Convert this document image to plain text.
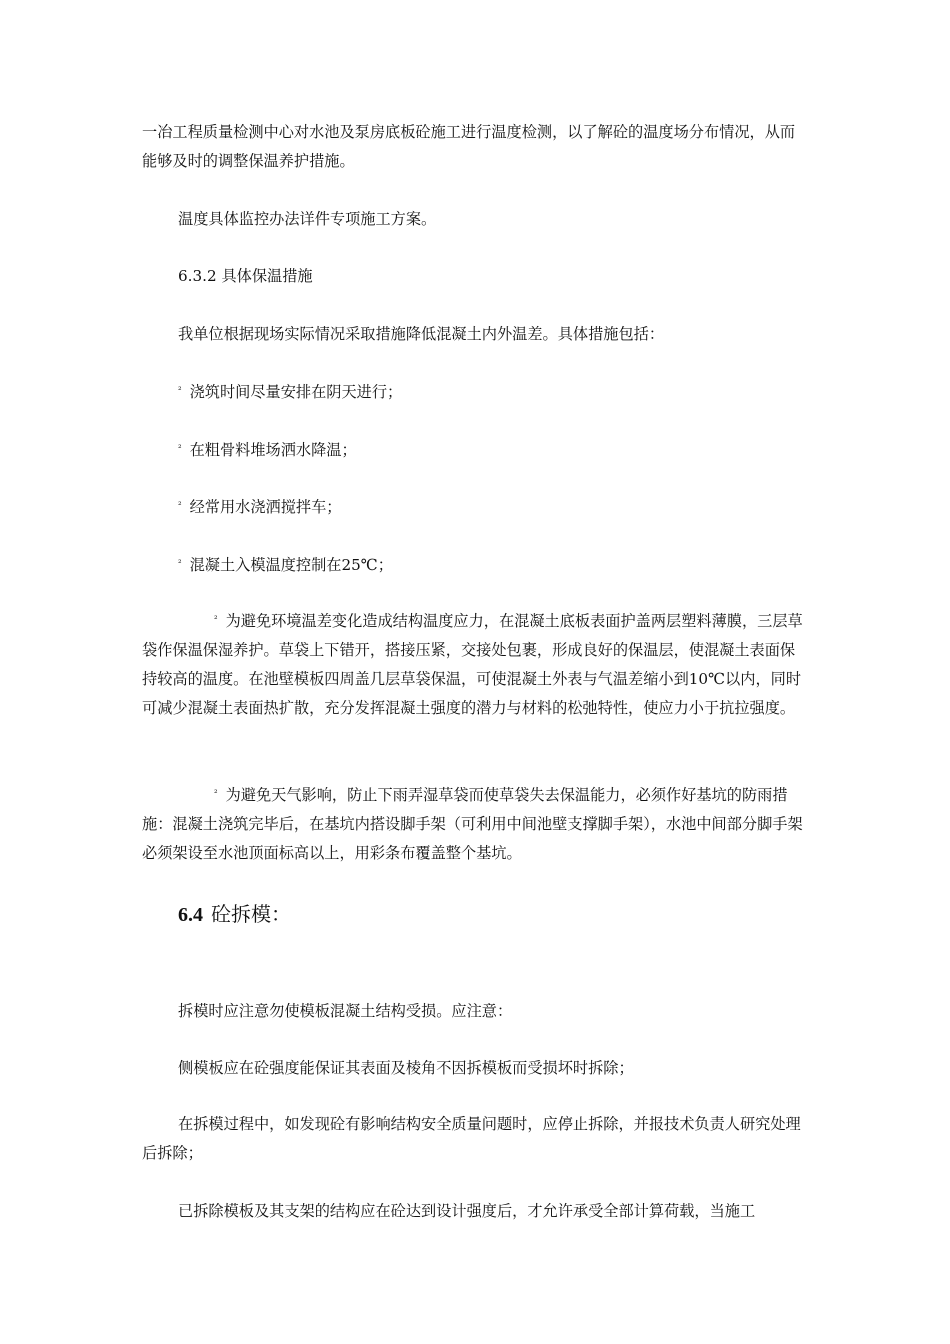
一冶工程质量检测中心对水池及泵房底板砼施工进行温度检测，以了解砼的温度场分布情况，从而能够及时的调整保温养护措施。

温度具体监控办法详件专项施工方案。

6.3.2 具体保温措施

我单位根据现场实际情况采取措施降低混凝土内外温差。具体措施包括：

² 浇筑时间尽量安排在阴天进行；

² 在粗骨料堆场洒水降温；

² 经常用水浇洒搅拌车；

² 混凝土入模温度控制在25℃；

² 为避免环境温差变化造成结构温度应力，在混凝土底板表面护盖两层塑料薄膜，三层草袋作保温保湿养护。草袋上下错开，搭接压紧，交接处包裹，形成良好的保温层，使混凝土表面保持较高的温度。在池壁模板四周盖几层草袋保温，可使混凝土外表与气温差缩小到10℃以内，同时可减少混凝土表面热扩散，充分发挥混凝土强度的潜力与材料的松弛特性，使应力小于抗拉强度。

² 为避免天气影响，防止下雨弄湿草袋而使草袋失去保温能力，必须作好基坑的防雨措施：混凝土浇筑完毕后，在基坑内搭设脚手架（可利用中间池壁支撑脚手架），水池中间部分脚手架必须架设至水池顶面标高以上，用彩条布覆盖整个基坑。

6.4 砼拆模：

拆模时应注意勿使模板混凝土结构受损。应注意：

侧模板应在砼强度能保证其表面及棱角不因拆模板而受损坏时拆除；

在拆模过程中，如发现砼有影响结构安全质量问题时，应停止拆除，并报技术负责人研究处理后拆除；

已拆除模板及其支架的结构应在砼达到设计强度后，才允许承受全部计算荷载，当施工
